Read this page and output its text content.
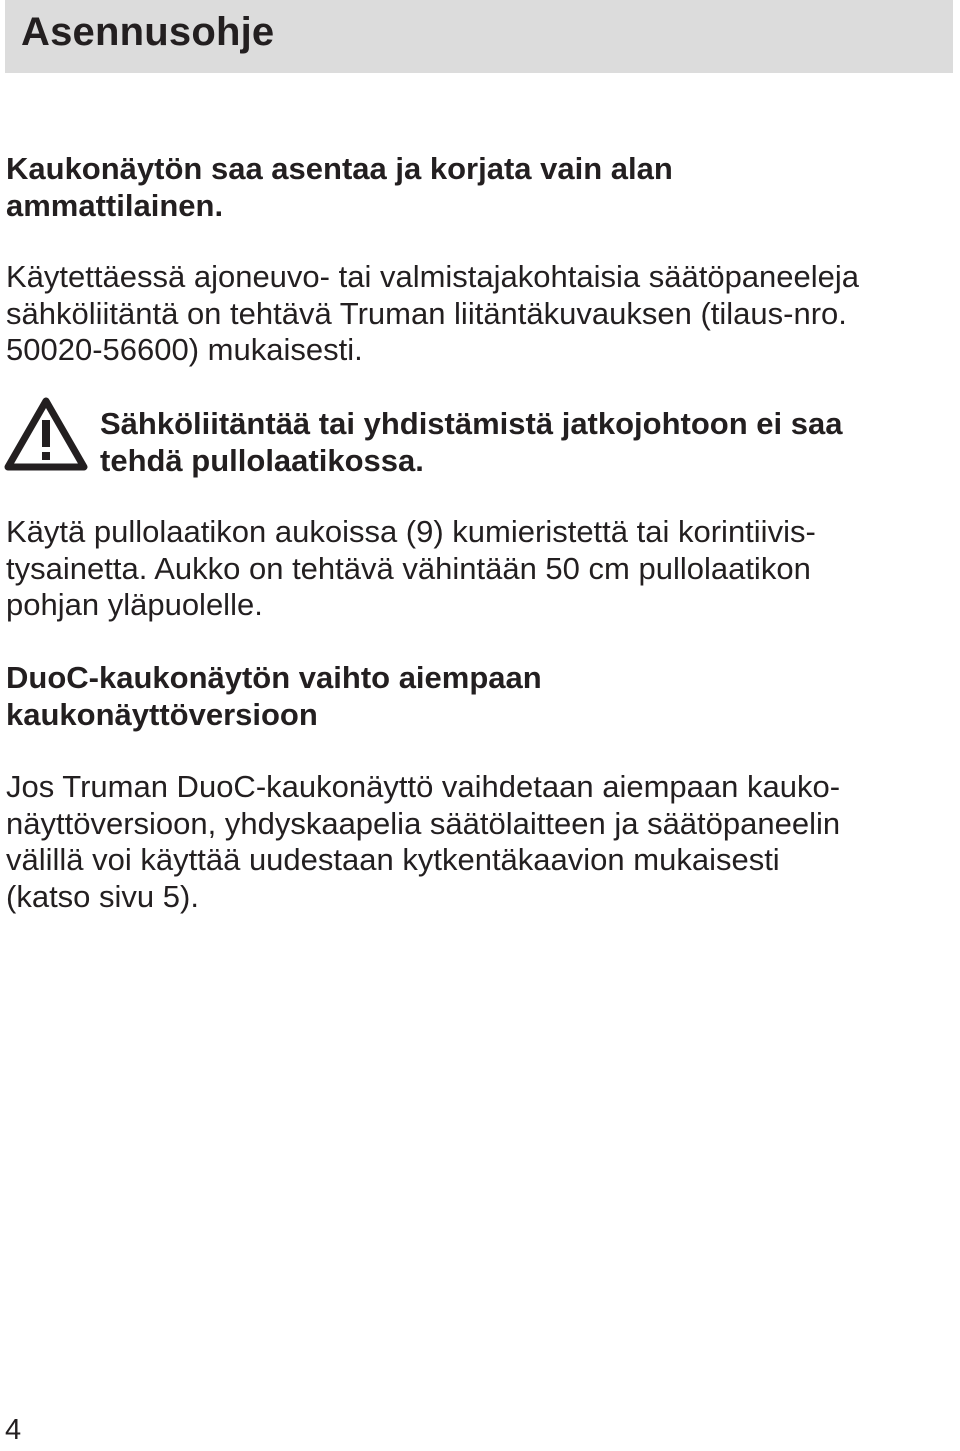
Asennusohje
Kaukonäytön saa asentaa ja korjata vain alan
ammattilainen.
Käytettäessä ajoneuvo- tai valmistajakohtaisia säätöpaneeleja
sähköliitäntä on tehtävä Truman liitäntäkuvauksen (tilaus-nro.
50020-56600) mukaisesti.
Sähköliitäntää tai yhdistämistä jatkojohtoon ei saa
tehdä pullolaatikossa.
Käytä pullolaatikon aukoissa (9) kumieristettä tai korintiivis-
tysainetta. Aukko on tehtävä vähintään 50 cm pullolaatikon
pohjan yläpuolelle.
DuoC-kaukonäytön vaihto aiempaan
kaukonäyttöversioon
Jos Truman DuoC-kaukonäyttö vaihdetaan aiempaan kauko-
näyttöversioon, yhdyskaapelia säätölaitteen ja säätöpaneelin
välillä voi käyttää uudestaan kytkentäkaavion mukaisesti
(katso sivu 5).
4
